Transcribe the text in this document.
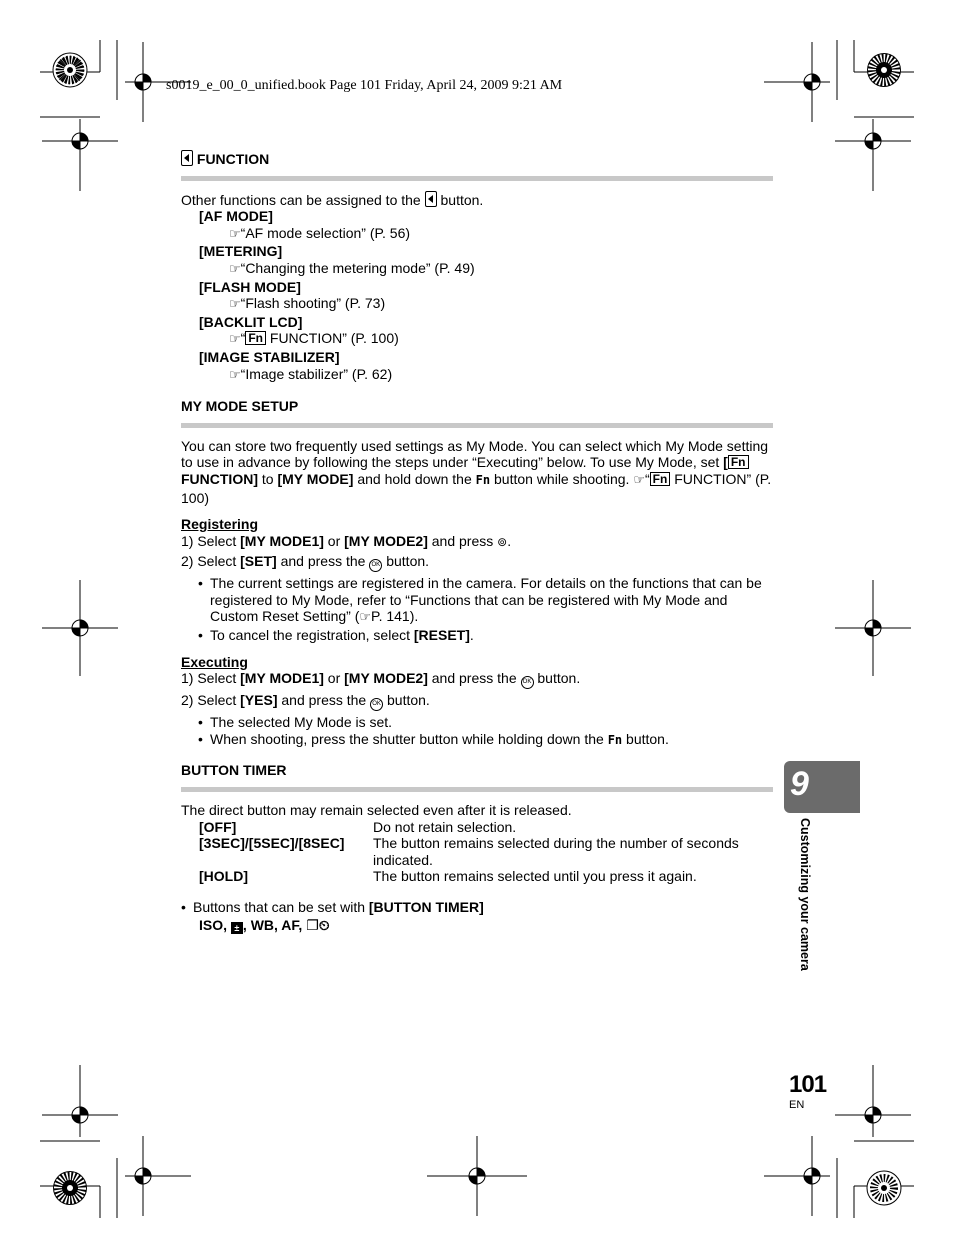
s0019_e_00_0_unified.book Page 101 Friday, April 24, 2009 9:21 AM

FUNCTION

Other functions can be assigned to the button.

[AF MODE]

☞“AF mode selection” (P. 56)

[METERING]

☞“Changing the metering mode” (P. 49)

[FLASH MODE]

☞“Flash shooting” (P. 73)

[BACKLIT LCD]

☞“ Fn FUNCTION” (P. 100)

[IMAGE STABILIZER]

☞“Image stabilizer” (P. 62)

MY MODE SETUP

You can store two frequently used settings as My Mode. You can select which My Mode setting to use in advance by following the steps under “Executing” below. To use My Mode, set [ Fn FUNCTION] to [MY MODE] and hold down the Fn button while shooting. ☞“ Fn FUNCTION” (P. 100)

Registering

1) Select [MY MODE1] or [MY MODE2] and press ⊚.

2) Select [SET] and press the OK button.

• The current settings are registered in the camera. For details on the functions that can be registered to My Mode, refer to “Functions that can be registered with My Mode and Custom Reset Setting” (☞P. 141).

• To cancel the registration, select [RESET].

Executing

1) Select [MY MODE1] or [MY MODE2] and press the OK button.

2) Select [YES] and press the OK button.

• The selected My Mode is set.

• When shooting, press the shutter button while holding down the Fn button.

BUTTON TIMER

The direct button may remain selected even after it is released.

[OFF]	Do not retain selection.
[3SEC]/[5SEC]/[8SEC]	The button remains selected during the number of seconds indicated.
[HOLD]	The button remains selected until you press it again.

• Buttons that can be set with [BUTTON TIMER]

ISO, ± , WB, AF, ❐⏲

9
Customizing your camera
101
EN
